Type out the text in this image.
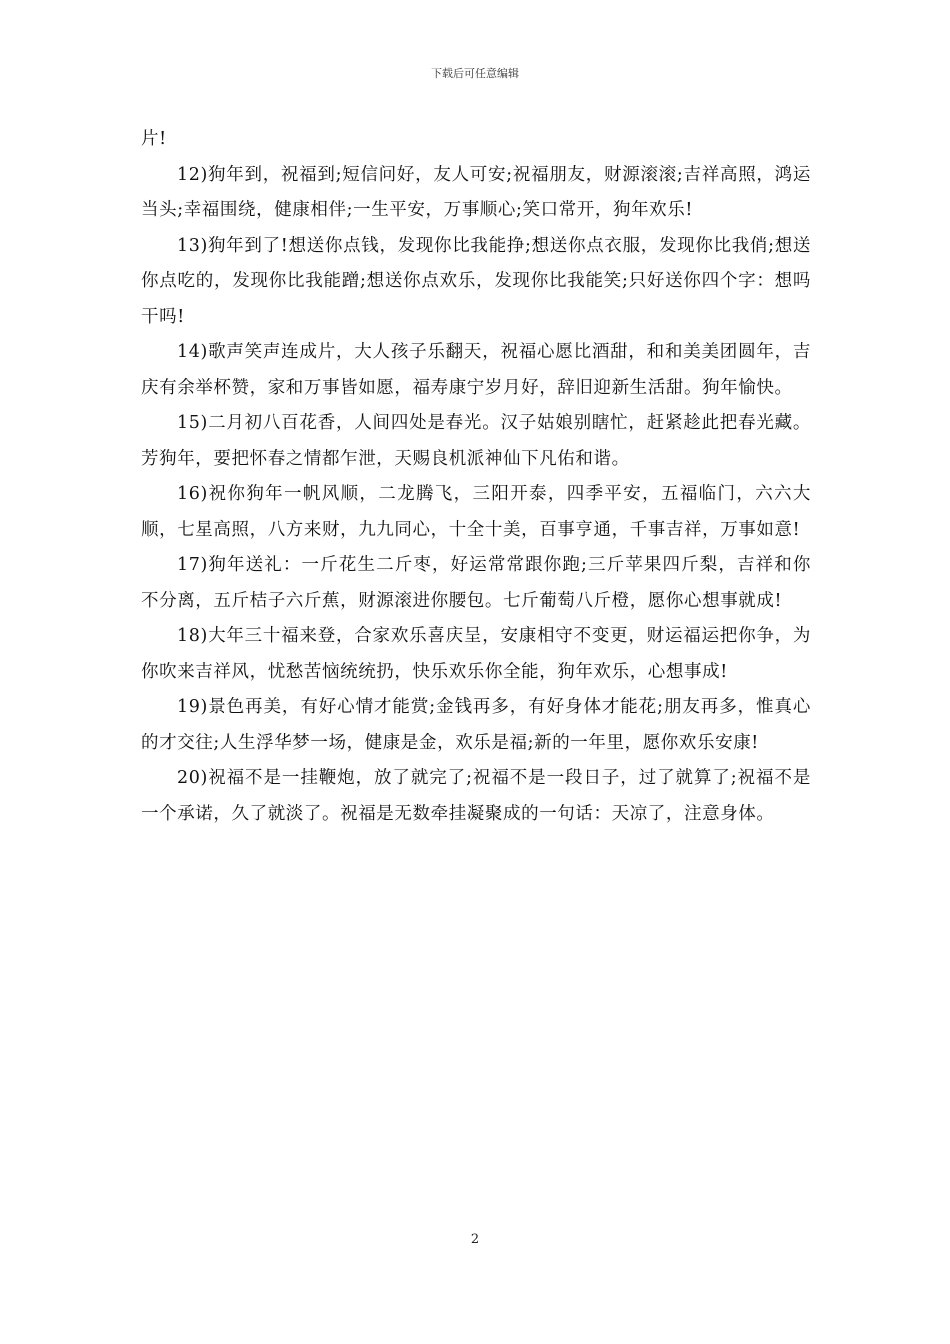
下载后可任意编辑

片!

12)狗年到，祝福到;短信问好，友人可安;祝福朋友，财源滚滚;吉祥高照，鸿运当头;幸福围绕，健康相伴;一生平安，万事顺心;笑口常开，狗年欢乐!

13)狗年到了!想送你点钱，发现你比我能挣;想送你点衣服，发现你比我俏;想送你点吃的，发现你比我能蹭;想送你点欢乐，发现你比我能笑;只好送你四个字：想吗干吗!

14)歌声笑声连成片，大人孩子乐翻天，祝福心愿比酒甜，和和美美团圆年，吉庆有余举杯赞，家和万事皆如愿，福寿康宁岁月好，辞旧迎新生活甜。狗年愉快。

15)二月初八百花香，人间四处是春光。汉子姑娘别瞎忙，赶紧趁此把春光藏。芳狗年，要把怀春之情都乍泄，天赐良机派神仙下凡佑和谐。

16)祝你狗年一帆风顺，二龙腾飞，三阳开泰，四季平安，五福临门，六六大顺，七星高照，八方来财，九九同心，十全十美，百事亨通，千事吉祥，万事如意!

17)狗年送礼：一斤花生二斤枣，好运常常跟你跑;三斤苹果四斤梨，吉祥和你不分离，五斤桔子六斤蕉，财源滚进你腰包。七斤葡萄八斤橙，愿你心想事就成!

18)大年三十福来登，合家欢乐喜庆呈，安康相守不变更，财运福运把你争，为你吹来吉祥风，忧愁苦恼统统扔，快乐欢乐你全能，狗年欢乐，心想事成!

19)景色再美，有好心情才能赏;金钱再多，有好身体才能花;朋友再多，惟真心的才交往;人生浮华梦一场，健康是金，欢乐是福;新的一年里，愿你欢乐安康!

20)祝福不是一挂鞭炮，放了就完了;祝福不是一段日子，过了就算了;祝福不是一个承诺，久了就淡了。祝福是无数牵挂凝聚成的一句话：天凉了，注意身体。

2
